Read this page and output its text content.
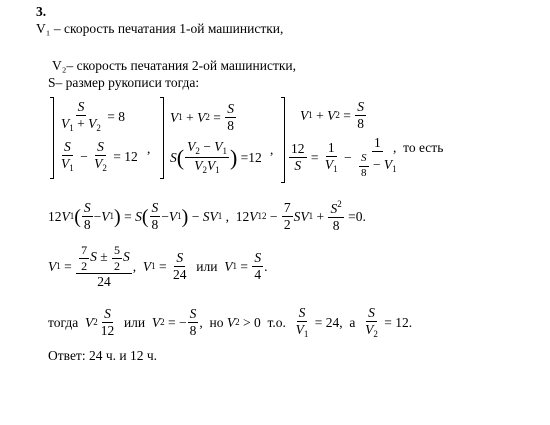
3.
V₁ – скорость печатания 1-ой машинистки,
V₂– скорость печатания 2-ой машинистки,
S– размер рукописи тогда:
$\frac{S}{V_1 + V_2} = 8$
$\frac{S}{V_1} - \frac{S}{V_2} = 12$
,
V 1 + V $2 = \frac{S}{8}$
S ( $\frac{V_2 - V_1}{V_2V_1}$ ) = 12
,
V 1 + V $2 = \frac{S}{8}$
$\frac{12}{S} = \frac{1}{V_1} - \frac{1}{\frac{S}{8} - V_1}$
,  то есть
12 V 1 ( $\frac{S}{8} - V$ 1 ) = S ( $\frac{S}{8} - V$ 1 ) − SV 1 ,  12 V 1 $2 - \frac{7}{2}$ SV $1 + \frac{S^2}{8} = 0$ .
V $1 = \frac{\frac{7}{2} S \pm \frac{5}{2} S}{24}$ , V $1 = \frac{S}{24}$
или
V $1 = \frac{S}{4}$ .
тогда
V $2 \frac{S}{12}$
или
V 2 = − $\frac{S}{8}$ , но
V 2 > 0 т.о.
$\frac{S}{V_1} = 24$, а
$\frac{S}{V_2} = 12$.
Ответ: 24 ч. и 12 ч.
